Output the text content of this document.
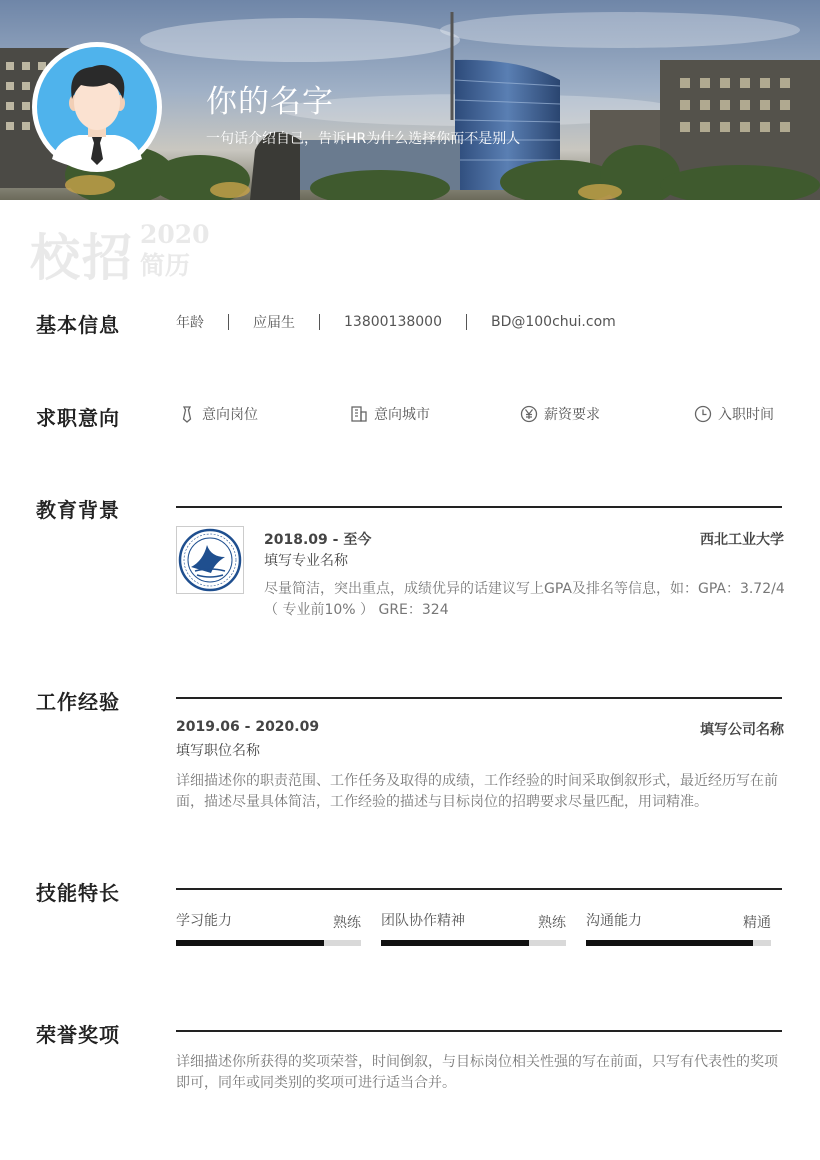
你的名字
一句话介绍自己，告诉HR为什么选择你而不是别人
校招 2020
简历
基本信息	年龄	应届生	13800138000	BD@100chui.com
求职意向	意向岗位	意向城市	薪资要求	入职时间
教育背景
2018.09 - 至今	西北工业大学
填写专业名称
尽量简洁，突出重点，成绩优异的话建议写上GPA及排名等信息，如：GPA：3.72/4
（ 专业前10% ） GRE：324
工作经验
2019.06 - 2020.09	填写公司名称
填写职位名称
详细描述你的职责范围、工作任务及取得的成绩，工作经验的时间采取倒叙形式，最近经历写在前
面，描述尽量具体简洁，工作经验的描述与目标岗位的招聘要求尽量匹配，用词精准。
技能特长
学习能力	熟练 团队协作精神	熟练 沟通能力	精通
荣誉奖项
详细描述你所获得的奖项荣誉，时间倒叙，与目标岗位相关性强的写在前面，只写有代表性的奖项
即可，同年或同类别的奖项可进行适当合并。
